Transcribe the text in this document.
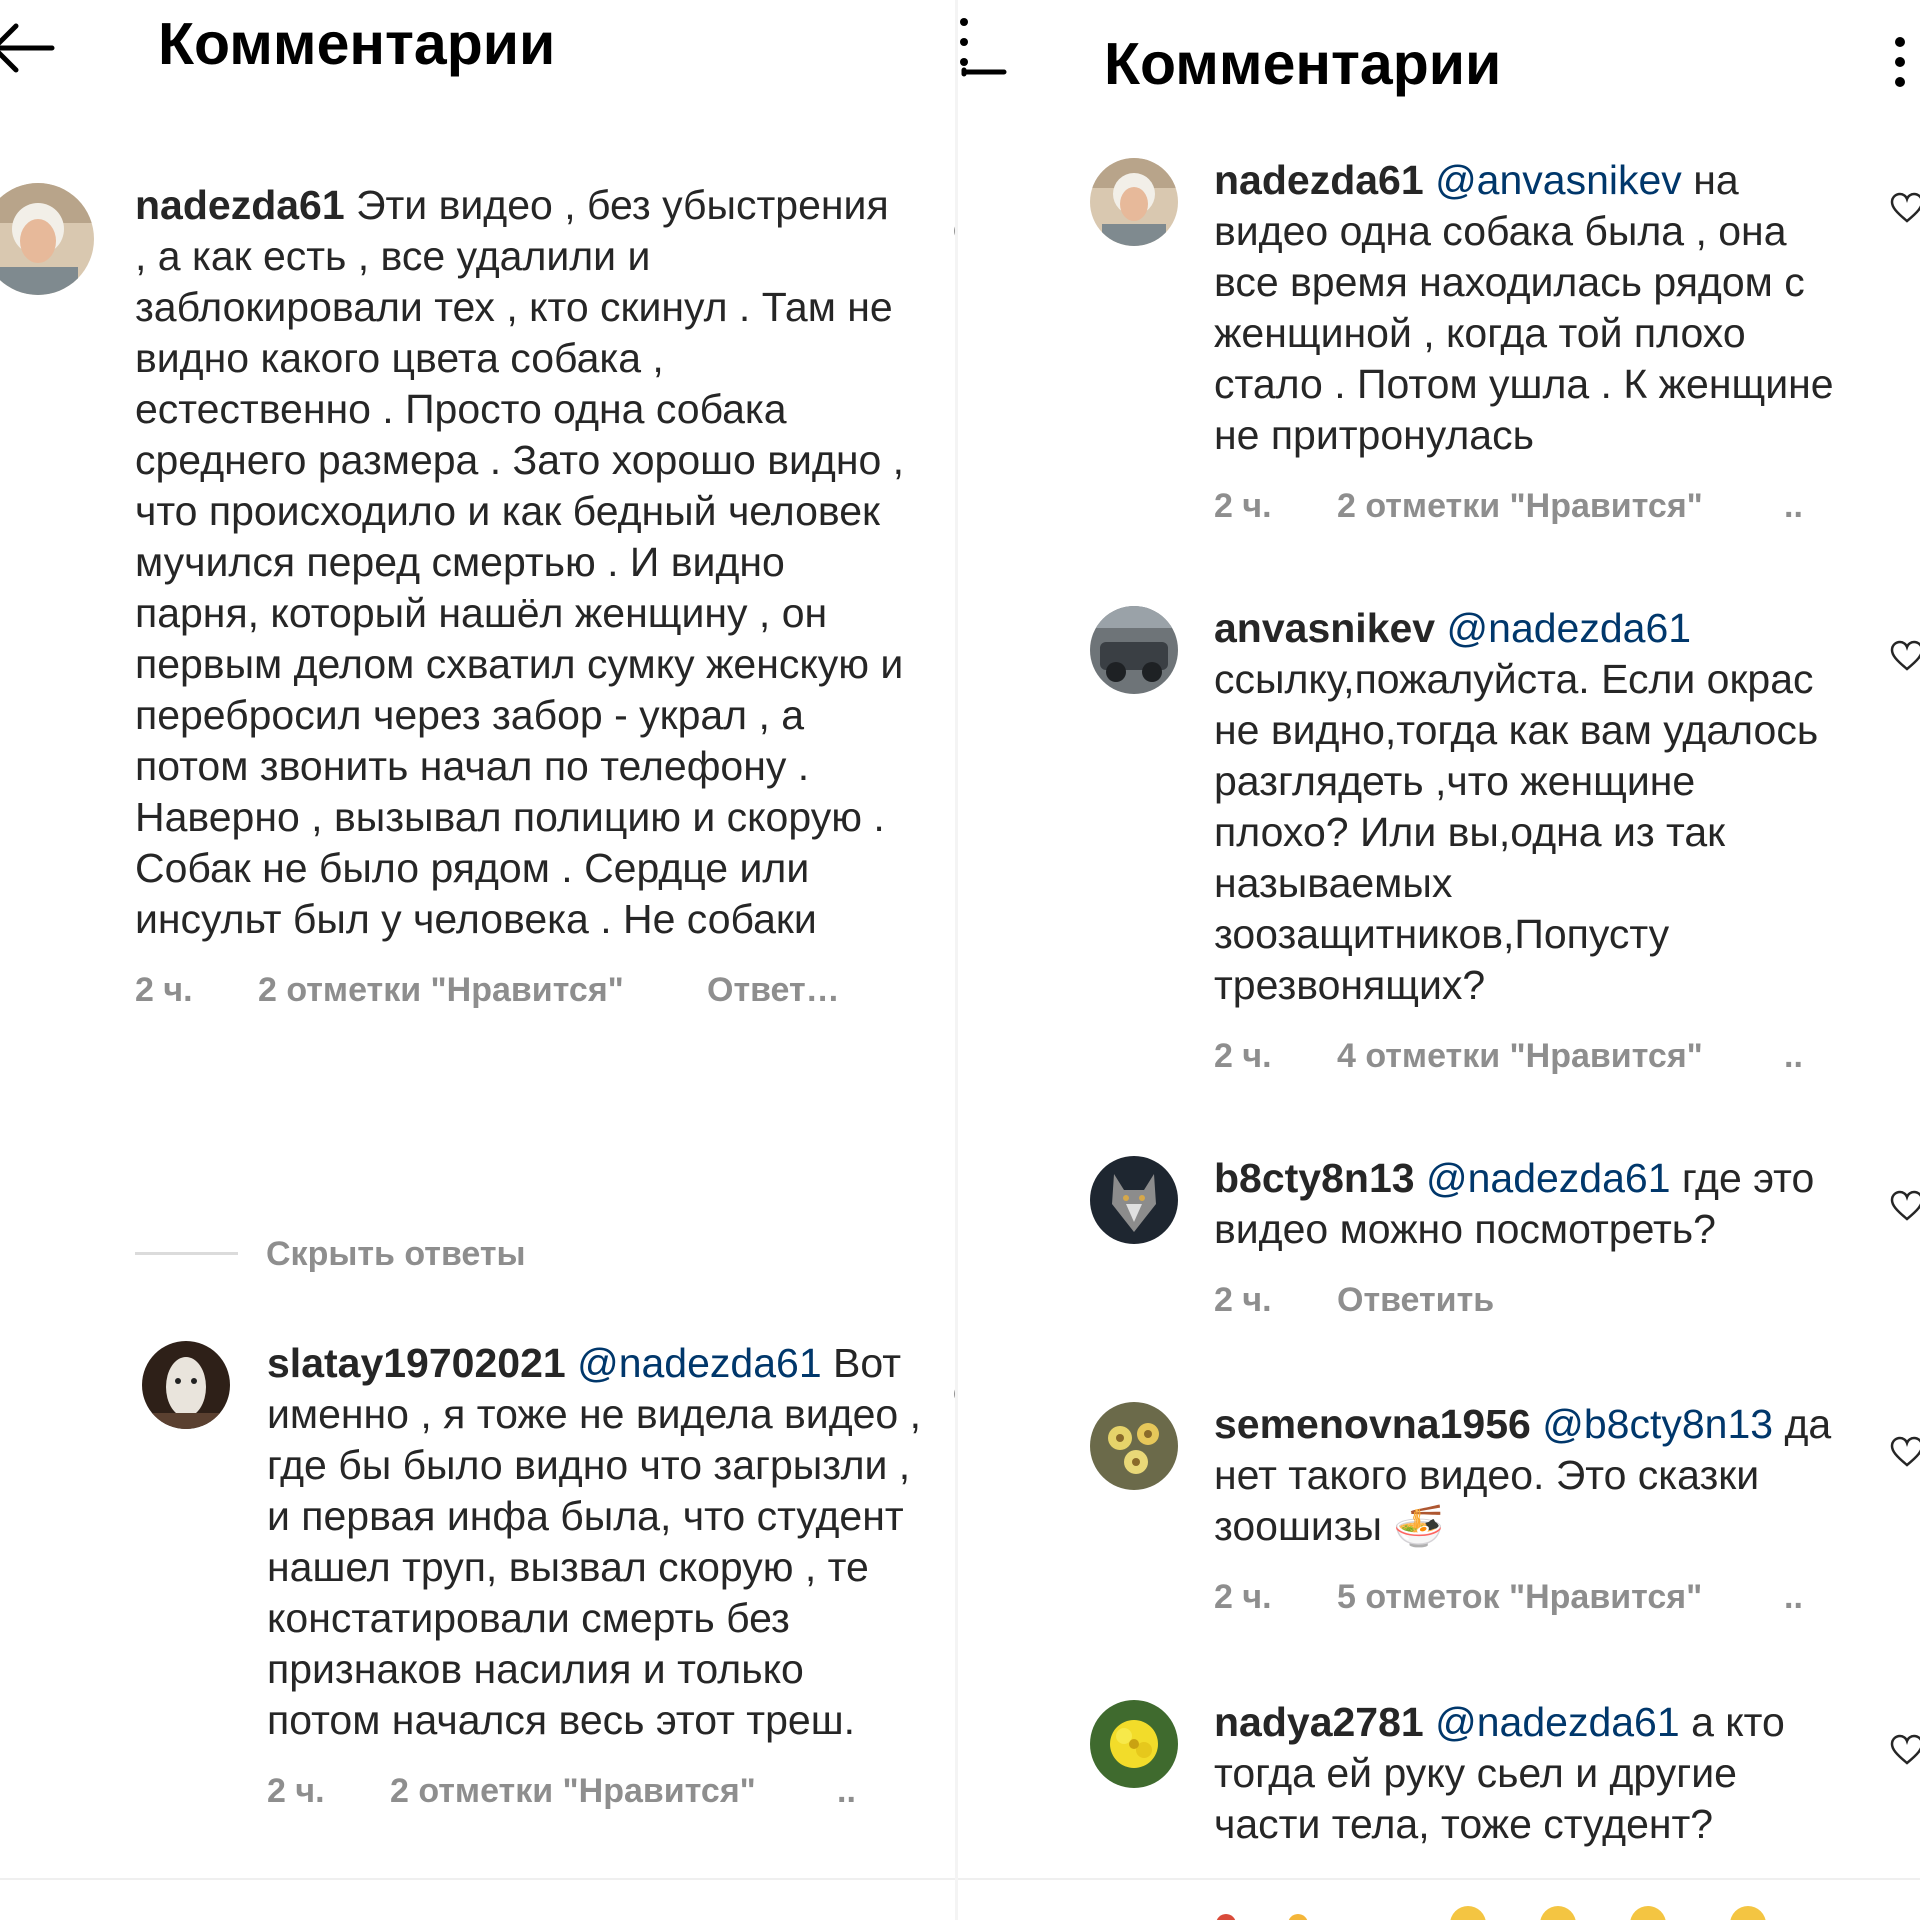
Комментарии
nadezda61 Эти видео , без убыстрения , а как есть , все удалили и заблокировали тех , кто скинул . Там не видно какого цвета собака , естественно . Просто одна собака среднего размера . Зато хорошо видно , что происходило и как бедный человек мучился перед смертью . И видно парня, который нашёл женщину , он первым делом схватил сумку женскую и перебросил через забор - украл , а потом звонить начал по телефону . Наверно , вызывал полицию и скорую . Собак не было рядом . Сердце или инсульт был у человека . Не собаки
2 ч. 2 отметки "Нравится" Ответ…
Скрыть ответы
slatay19702021 @nadezda61 Вот именно , я тоже не видела видео , где бы было видно что загрызли , и первая инфа была, что студент нашел труп, вызвал скорую , те констатировали смерть без признаков насилия и только потом начался весь этот треш.
2 ч. 2 отметки "Нравится" ..
Комментарии
nadezda61 @anvasnikev на видео одна собака была , она все время находилась рядом с женщиной , когда той плохо стало . Потом ушла . К женщине не притронулась
2 ч. 2 отметки "Нравится" ..
anvasnikev @nadezda61 ссылку,пожалуйста. Если окрас не видно,тогда как вам удалось разглядеть ,что женщине плохо? Или вы,одна из так называемых зоозащитников,Попусту трезвонящих?
2 ч. 4 отметки "Нравится" ..
b8cty8n13 @nadezda61 где это видео можно посмотреть?
2 ч. Ответить
semenovna1956 @b8cty8n13 да нет такого видео. Это сказки зоошизы 🍜
2 ч. 5 отметок "Нравится" ..
nadya2781 @nadezda61 а кто тогда ей руку сьел и другие части тела, тоже студент?
